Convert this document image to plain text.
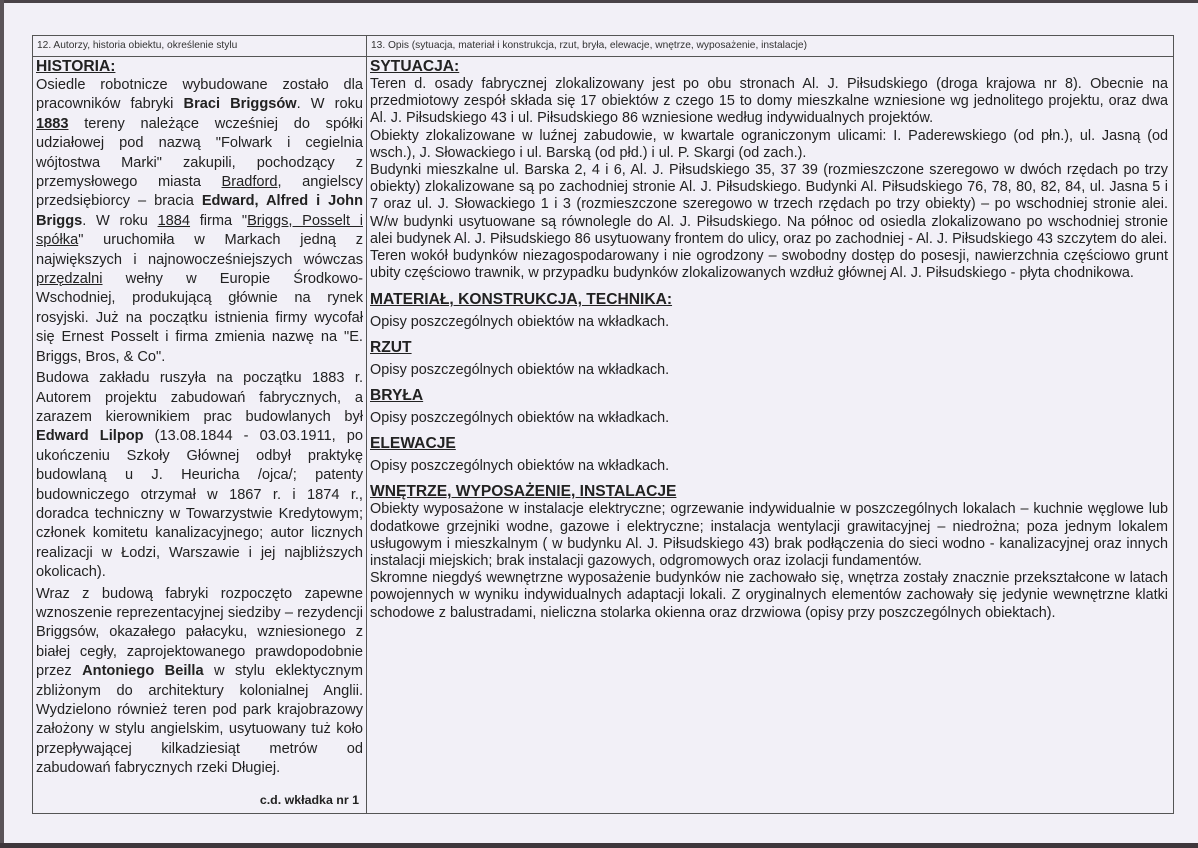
12. Autorzy, historia obiektu, określenie stylu	13. Opis (sytuacja, materiał i konstrukcja, rzut, bryła, elewacje, wnętrze, wyposażenie, instalacje)
HISTORIA:

Osiedle robotnicze wybudowane zostało dla pracowników fabryki Braci Briggsów. W roku 1883 tereny należące wcześniej do spółki udziałowej pod nazwą "Folwark i cegielnia wójtostwa Marki" zakupili, pochodzący z przemysłowego miasta Bradford, angielscy przedsiębiorcy – bracia Edward, Alfred i John Briggs. W roku 1884 firma "Briggs, Posselt i spółka" uruchomiła w Markach jedną z największych i najnowocześniejszych wówczas przędzalni wełny w Europie Środkowo-Wschodniej, produkującą głównie na rynek rosyjski. Już na początku istnienia firmy wycofał się Ernest Posselt i firma zmienia nazwę na "E. Briggs, Bros, & Co".

Budowa zakładu ruszyła na początku 1883 r. Autorem projektu zabudowań fabrycznych, a zarazem kierownikiem prac budowlanych był Edward Lilpop (13.08.1844 - 03.03.1911, po ukończeniu Szkoły Głównej odbył praktykę budowlaną u J. Heuricha /ojca/; patenty budowniczego otrzymał w 1867 r. i 1874 r., doradca techniczny w Towarzystwie Kredytowym; członek komitetu kanalizacyjnego; autor licznych realizacji w Łodzi, Warszawie i jej najbliższych okolicach).

Wraz z budową fabryki rozpoczęto zapewne wznoszenie reprezentacyjnej siedziby – rezydencji Briggsów, okazałego pałacyku, wzniesionego z białej cegły, zaprojektowanego prawdopodobnie przez Antoniego Beilla w stylu eklektycznym zbliżonym do architektury kolonialnej Anglii. Wydzielono również teren pod park krajobrazowy założony w stylu angielskim, usytuowany tuż koło przepływającej kilkadziesiąt metrów od zabudowań fabrycznych rzeki Długiej.

c.d. wkładka nr 1
SYTUACJA:

Teren d. osady fabrycznej zlokalizowany jest po obu stronach Al. J. Piłsudskiego (droga krajowa nr 8). Obecnie na przedmiotowy zespół składa się 17 obiektów z czego 15 to domy mieszkalne wzniesione wg jednolitego projektu, oraz dwa Al. J. Piłsudskiego 43 i ul. Piłsudskiego 86 wzniesione według indywidualnych projektów.

Obiekty zlokalizowane w luźnej zabudowie, w kwartale ograniczonym ulicami: I. Paderewskiego (od płn.), ul. Jasną (od wsch.), J. Słowackiego i ul. Barską (od płd.) i ul. P. Skargi (od zach.).

Budynki mieszkalne ul. Barska 2, 4 i 6, Al. J. Piłsudskiego 35, 37 39 (rozmieszczone szeregowo w dwóch rzędach po trzy obiekty) zlokalizowane są po zachodniej stronie Al. J. Piłsudskiego. Budynki Al. Piłsudskiego 76, 78, 80, 82, 84, ul. Jasna 5 i 7 oraz ul. J. Słowackiego 1 i 3 (rozmieszczone szeregowo w trzech rzędach po trzy obiekty) – po wschodniej stronie alei. W/w budynki usytuowane są równolegle do Al. J. Piłsudskiego. Na północ od osiedla zlokalizowano po wschodniej stronie alei budynek Al. J. Piłsudskiego 86 usytuowany frontem do ulicy, oraz po zachodniej - Al. J. Piłsudskiego 43 szczytem do alei.

Teren wokół budynków niezagospodarowany i nie ogrodzony – swobodny dostęp do posesji, nawierzchnia częściowo grunt ubity częściowo trawnik, w przypadku budynków zlokalizowanych wzdłuż głównej Al. J. Piłsudskiego - płyta chodnikowa.

MATERIAŁ, KONSTRUKCJA, TECHNIKA:
Opisy poszczególnych obiektów na wkładkach.
RZUT
Opisy poszczególnych obiektów na wkładkach.
BRYŁA
Opisy poszczególnych obiektów na wkładkach.
ELEWACJE
Opisy poszczególnych obiektów na wkładkach.
WNĘTRZE, WYPOSAŻENIE, INSTALACJE

Obiekty wyposażone w instalacje elektryczne; ogrzewanie indywidualnie w poszczególnych lokalach – kuchnie węglowe lub dodatkowe grzejniki wodne, gazowe i elektryczne; instalacja wentylacji grawitacyjnej – niedrożna; poza jednym lokalem usługowym i mieszkalnym ( w budynku Al. J. Piłsudskiego 43) brak podłączenia do sieci wodno - kanalizacyjnej oraz innych instalacji miejskich; brak instalacji gazowych, odgromowych oraz izolacji fundamentów.

Skromne niegdyś wewnętrzne wyposażenie budynków nie zachowało się, wnętrza zostały znacznie przekształcone w latach powojennych w wyniku indywidualnych adaptacji lokali. Z oryginalnych elementów zachowały się jedynie wewnętrzne klatki schodowe z balustradami, nieliczna stolarka okienna oraz drzwiowa (opisy przy poszczególnych obiektach).
